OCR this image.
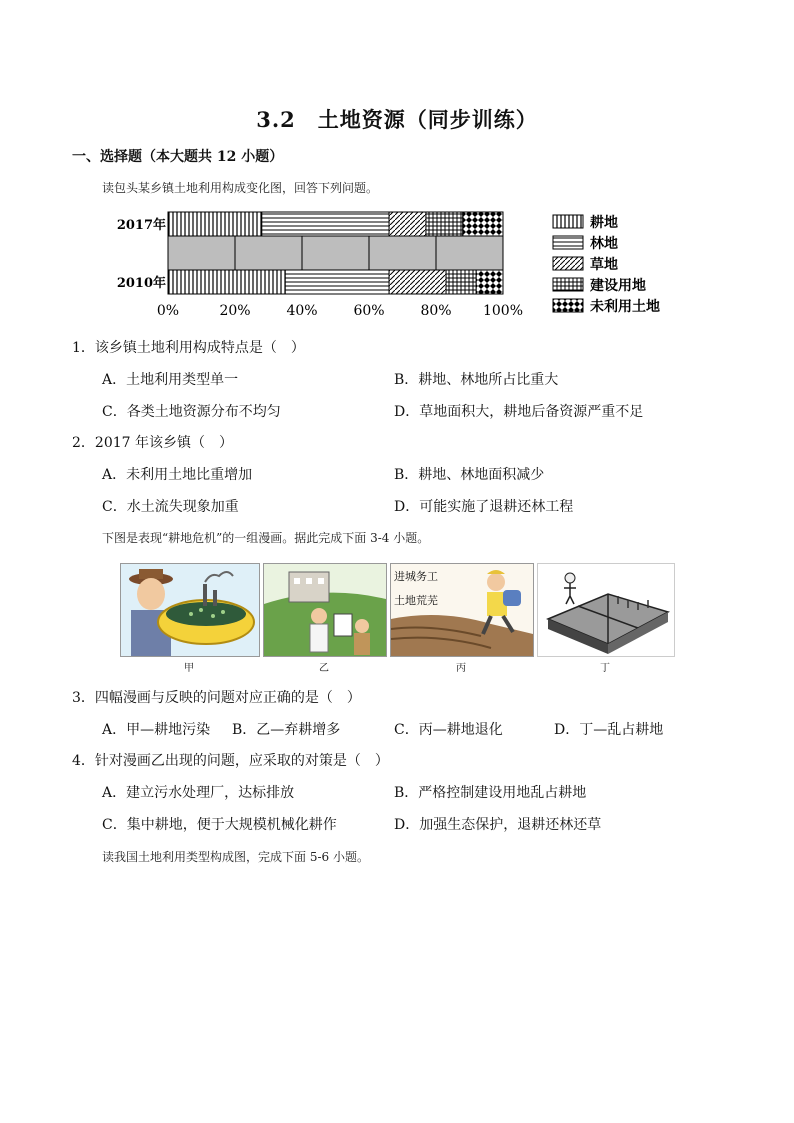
3.2　土地资源（同步训练）
一、选择题（本大题共 12 小题）
读包头某乡镇土地利用构成变化图，回答下列问题。
2017年
2010年
0%	20%	40%	60%	80% 100%
耕地
林地
草地
建设用地
未利用土地
1．该乡镇土地利用构成特点是（　）
A．土地利用类型单一	B．耕地、林地所占比重大
C．各类土地资源分布不均匀	D．草地面积大，耕地后备资源严重不足
2．2017 年该乡镇（　）
A．未利用土地比重增加	B．耕地、林地面积减少
C．水土流失现象加重	D．可能实施了退耕还林工程
下图是表现“耕地危机”的一组漫画。据此完成下面 3-4 小题。
甲	乙
进城务工
土地荒芜
丙	丁
3．四幅漫画与反映的问题对应正确的是（　）
A．甲—耕地污染 B．乙—弃耕增多	C．丙—耕地退化	D．丁—乱占耕地
4．针对漫画乙出现的问题，应采取的对策是（　）
A．建立污水处理厂，达标排放	B．严格控制建设用地乱占耕地
C．集中耕地，便于大规模机械化耕作	D．加强生态保护，退耕还林还草
读我国土地利用类型构成图，完成下面 5-6 小题。
